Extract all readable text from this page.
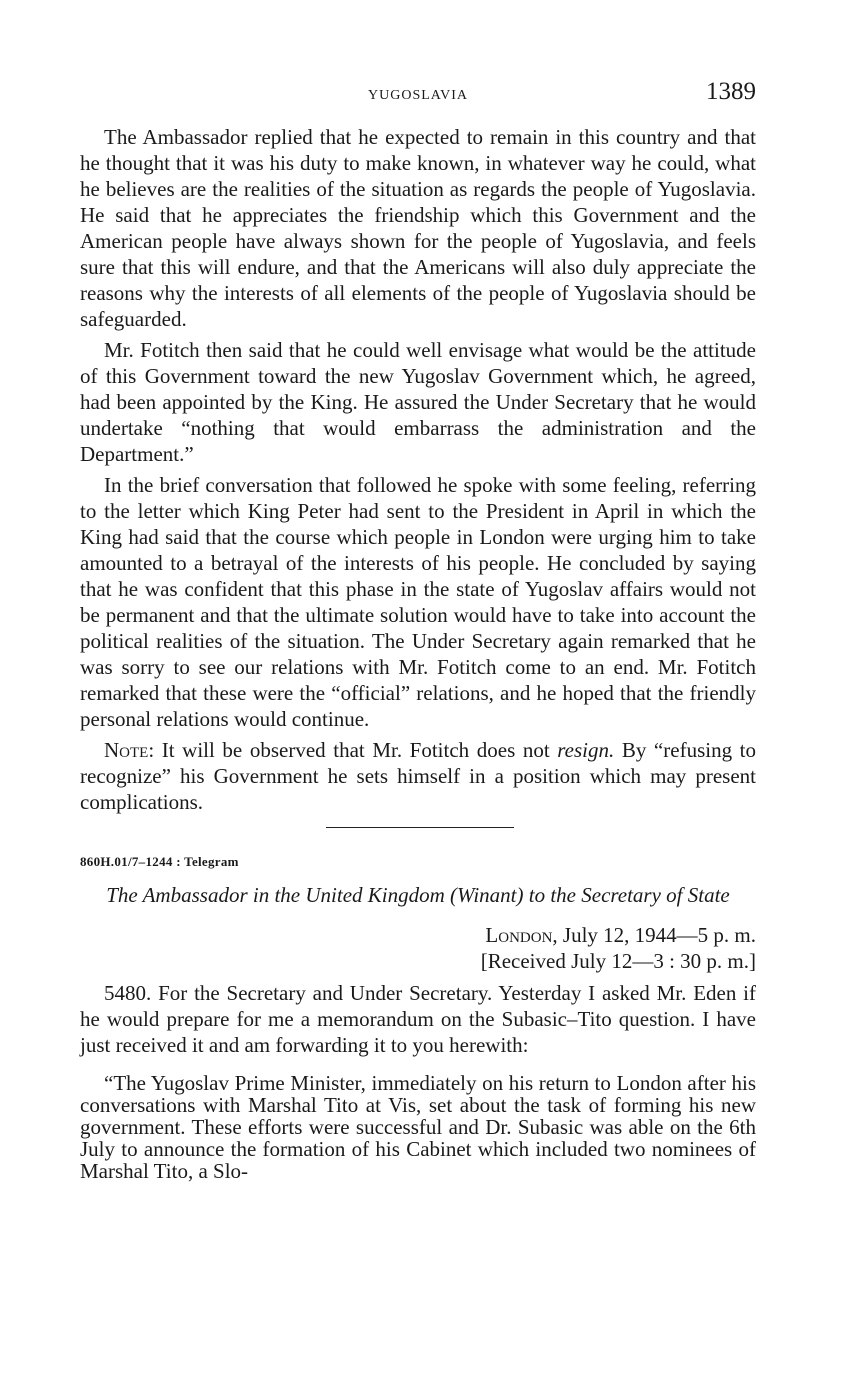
YUGOSLAVIA	1389

The Ambassador replied that he expected to remain in this country and that he thought that it was his duty to make known, in whatever way he could, what he believes are the realities of the situation as regards the people of Yugoslavia. He said that he appreciates the friendship which this Government and the American people have always shown for the people of Yugoslavia, and feels sure that this will endure, and that the Americans will also duly appreciate the reasons why the interests of all elements of the people of Yugoslavia should be safeguarded.

Mr. Fotitch then said that he could well envisage what would be the attitude of this Government toward the new Yugoslav Government which, he agreed, had been appointed by the King. He assured the Under Secretary that he would undertake “nothing that would embarrass the administration and the Department.”

In the brief conversation that followed he spoke with some feeling, referring to the letter which King Peter had sent to the President in April in which the King had said that the course which people in London were urging him to take amounted to a betrayal of the interests of his people. He concluded by saying that he was confident that this phase in the state of Yugoslav affairs would not be permanent and that the ultimate solution would have to take into account the political realities of the situation. The Under Secretary again remarked that he was sorry to see our relations with Mr. Fotitch come to an end. Mr. Fotitch remarked that these were the “official” relations, and he hoped that the friendly personal relations would continue.

Note: It will be observed that Mr. Fotitch does not resign. By “refusing to recognize” his Government he sets himself in a position which may present complications.

860H.01/7–1244 : Telegram
The Ambassador in the United Kingdom (Winant) to the Secretary of State
London, July 12, 1944—5 p. m.
[Received July 12—3 : 30 p. m.]

5480. For the Secretary and Under Secretary. Yesterday I asked Mr. Eden if he would prepare for me a memorandum on the Subasic–Tito question. I have just received it and am forwarding it to you herewith:

“The Yugoslav Prime Minister, immediately on his return to London after his conversations with Marshal Tito at Vis, set about the task of forming his new government. These efforts were successful and Dr. Subasic was able on the 6th July to announce the formation of his Cabinet which included two nominees of Marshal Tito, a Slo-
